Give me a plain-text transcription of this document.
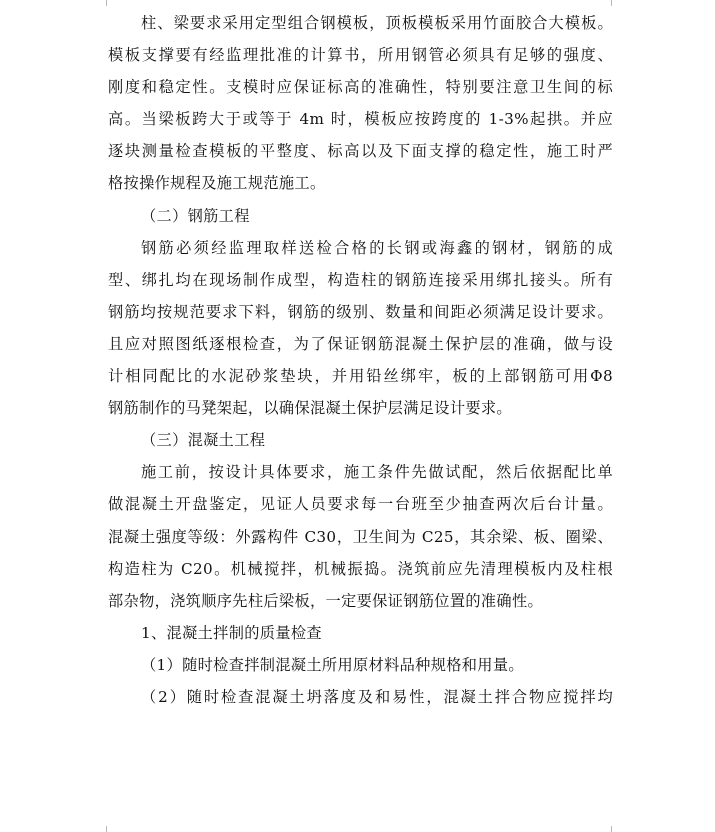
柱、梁要求采用定型组合钢模板，顶板模板采用竹面胶合大模板。
模板支撑要有经监理批准的计算书，所用钢管必须具有足够的强度、
刚度和稳定性。支模时应保证标高的准确性，特别要注意卫生间的标
高。当梁板跨大于或等于 4m 时，模板应按跨度的 1-3%起拱。并应
逐块测量检查模板的平整度、标高以及下面支撑的稳定性，施工时严
格按操作规程及施工规范施工。
（二）钢筋工程
钢筋必须经监理取样送检合格的长钢或海鑫的钢材，钢筋的成
型、绑扎均在现场制作成型，构造柱的钢筋连接采用绑扎接头。所有
钢筋均按规范要求下料，钢筋的级别、数量和间距必须满足设计要求。
且应对照图纸逐根检查，为了保证钢筋混凝土保护层的准确，做与设
计相同配比的水泥砂浆垫块，并用铅丝绑牢，板的上部钢筋可用Φ8
钢筋制作的马凳架起，以确保混凝土保护层满足设计要求。
（三）混凝土工程
施工前，按设计具体要求，施工条件先做试配，然后依据配比单
做混凝土开盘鉴定，见证人员要求每一台班至少抽查两次后台计量。
混凝土强度等级：外露构件 C30，卫生间为 C25，其余梁、板、圈梁、
构造柱为 C20。机械搅拌，机械振捣。浇筑前应先清理模板内及柱根
部杂物，浇筑顺序先柱后梁板，一定要保证钢筋位置的准确性。
1、混凝土拌制的质量检查
（1）随时检查拌制混凝土所用原材料品种规格和用量。
（2）随时检查混凝土坍落度及和易性，混凝土拌合物应搅拌均
